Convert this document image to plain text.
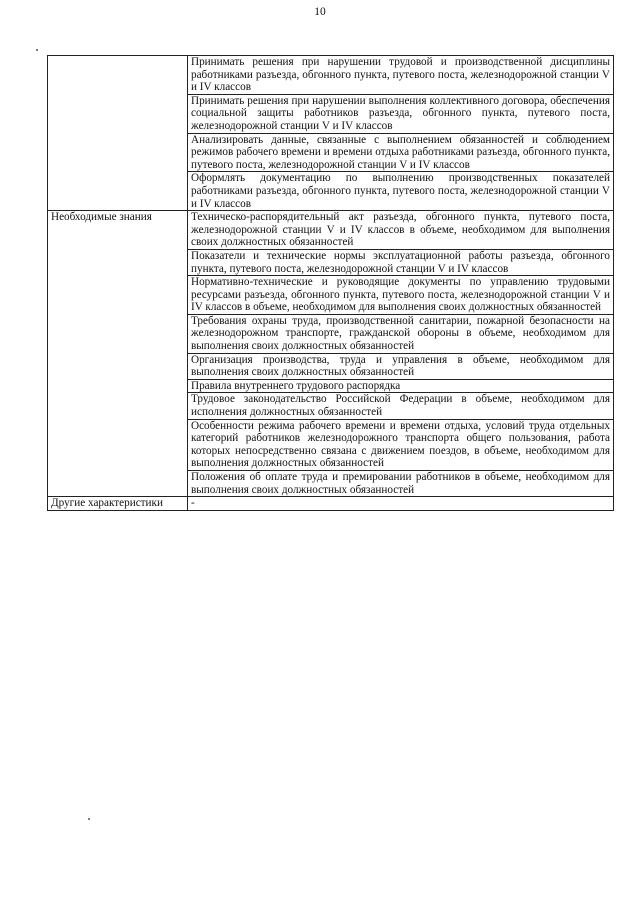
10

	Принимать решения при нарушении трудовой и производственной дисциплины работниками разъезда, обгонного пункта, путевого поста, железнодорожной станции V и IV классов

	Принимать решения при нарушении выполнения коллективного договора, обеспечения социальной защиты работников разъезда, обгонного пункта, путевого поста, железнодорожной станции V и IV классов

	Анализировать данные, связанные с выполнением обязанностей и соблюдением режимов рабочего времени и времени отдыха работниками разъезда, обгонного пункта, путевого поста, железнодорожной станции V и IV классов

	Оформлять документацию по выполнению производственных показателей работниками разъезда, обгонного пункта, путевого поста, железнодорожной станции V и IV классов

Необходимые знания	Техническо-распорядительный акт разъезда, обгонного пункта, путевого поста, железнодорожной станции V и IV классов в объеме, необходимом для выполнения своих должностных обязанностей

	Показатели и технические нормы эксплуатационной работы разъезда, обгонного пункта, путевого поста, железнодорожной станции V и IV классов

	Нормативно-технические и руководящие документы по управлению трудовыми ресурсами разъезда, обгонного пункта, путевого поста, железнодорожной станции V и IV классов в объеме, необходимом для выполнения своих должностных обязанностей

	Требования охраны труда, производственной санитарии, пожарной безопасности на железнодорожном транспорте, гражданской обороны в объеме, необходимом для выполнения своих должностных обязанностей

	Организация производства, труда и управления в объеме, необходимом для выполнения своих должностных обязанностей

	Правила внутреннего трудового распорядка

	Трудовое законодательство Российской Федерации в объеме, необходимом для исполнения должностных обязанностей

	Особенности режима рабочего времени и времени отдыха, условий труда отдельных категорий работников железнодорожного транспорта общего пользования, работа которых непосредственно связана с движением поездов, в объеме, необходимом для выполнения должностных обязанностей

	Положения об оплате труда и премировании работников в объеме, необходимом для выполнения своих должностных обязанностей

Другие характеристики	-
